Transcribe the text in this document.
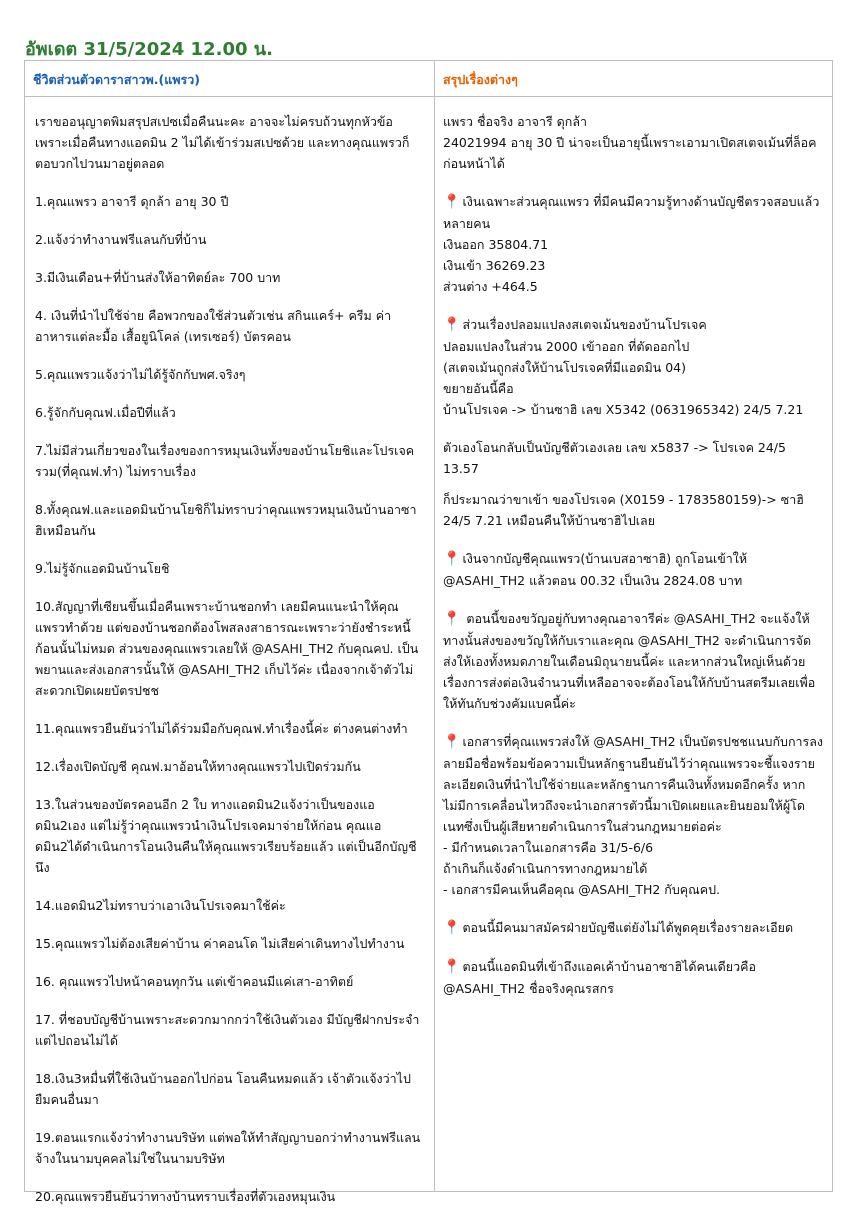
อัพเดต 31/5/2024 12.00 น.
ชีวิตส่วนตัวดาราสาวพ.(แพรว)	สรุปเรื่องต่างๆ
เราขออนุญาตพิมสรุปสเปซเมื่อคืนนะคะ อาจจะไม่ครบถ้วนทุกหัวข้อ เพราะเมื่อคืนทางแอดมิน 2 ไม่ได้เข้าร่วมสเปซด้วย และทางคุณแพรวก็ตอบวกไปวนมาอยู่ตลอด
1.คุณแพรว อาจารี ดุกล้า อายุ 30 ปี
2.แจ้งว่าทำงานฟรีแลนกับที่บ้าน
3.มีเงินเดือน+ที่บ้านส่งให้อาทิตย์ละ 700 บาท
4. เงินที่นำไปใช้จ่าย คือพวกของใช้ส่วนตัวเช่น สกินแคร์+ ครีม ค่าอาหารแต่ละมื้อ เสื้อยูนิโคล่ (เทรเซอร์) บัตรคอน
5.คุณแพรวแจ้งว่าไม่ได้รู้จักกับพศ.จริงๆ
6.รู้จักกับคุณฟ.เมื่อปีที่แล้ว
7.ไม่มีส่วนเกี่ยวของในเรื่องของการหมุนเงินทั้งของบ้านโยชิและโปรเจครวม(ที่คุณฟ.ทำ) ไม่ทราบเรื่อง
8.ทั้งคุณฟ.และแอดมินบ้านโยชิก็ไม่ทราบว่าคุณแพรวหมุนเงินบ้านอาซาฮิเหมือนกัน
9.ไม่รู้จักแอดมินบ้านโยชิ
10.สัญญาที่เซียนขึ้นเมื่อคืนเพราะบ้านชอกทำ เลยมีคนแนะนำให้คุณแพรวทำด้วย แต่ของบ้านชอกต้องโพสลงสาธารณะเพราะว่ายังชำระหนี้ก้อนนั้นไม่หมด ส่วนของคุณแพรวเลยให้ @ASAHI_TH2 กับคุณคป. เป็นพยานและส่งเอกสารนั้นให้ @ASAHI_TH2 เก็บไว้ค่ะ เนื่องจากเจ้าตัวไม่สะดวกเปิดเผยบัตรปชช
11.คุณแพรวยืนยันว่าไม่ได้ร่วมมือกับคุณฟ.ทำเรื่องนี้ค่ะ ต่างคนต่างทำ
12.เรื่องเปิดบัญชี คุณฟ.มาอ้อนให้ทางคุณแพรวไปเปิดร่วมกัน
13.ในส่วนของบัตรคอนอีก 2 ใบ ทางแอดมิน2แจ้งว่าเป็นของแอดมิน2เอง แต่ไม่รู้ว่าคุณแพรวนำเงินโปรเจคมาจ่ายให้ก่อน คุณแอดมิน2ได้ดำเนินการโอนเงินคืนให้คุณแพรวเรียบร้อยแล้ว แต่เป็นอีกบัญชีนึง
14.แอดมิน2ไม่ทราบว่าเอาเงินโปรเจคมาใช้ค่ะ
15.คุณแพรวไม่ต้องเสียค่าบ้าน ค่าคอนโด ไม่เสียค่าเดินทางไปทำงาน
16. คุณแพรวไปหน้าคอนทุกวัน แต่เข้าคอนมีแค่เสา-อาทิตย์
17. ที่ชอบบัญชีบ้านเพราะสะดวกมากกว่าใช้เงินตัวเอง มีบัญชีฝากประจำแต่ไปถอนไม่ได้
18.เงิน3หมื่นที่ใช้เงินบ้านออกไปก่อน โอนคืนหมดแล้ว เจ้าตัวแจ้งว่าไปยืมคนอื่นมา
19.ตอนแรกแจ้งว่าทำงานบริษัท แต่พอให้ทำสัญญาบอกว่าทำงานฟรีแลน จ้างในนามบุคคลไม่ใช่ในนามบริษัท
20.คุณแพรวยืนยันว่าทางบ้านทราบเรื่องที่ตัวเองหมุนเงิน
แพรว ชื่อจริง อาจารี ดุกล้า
24021994 อายุ 30 ปี น่าจะเป็นอายุนี้เพราะเอามาเปิดสเตจเม้นที่ล็อคก่อนหน้าได้
📍 เงินเฉพาะส่วนคุณแพรว ที่มีคนมีความรู้ทางด้านบัญชีตรวจสอบแล้วหลายคน
เงินออก 35804.71
เงินเข้า 36269.23
ส่วนต่าง +464.5
📍 ส่วนเรื่องปลอมแปลงสเตจเม้นของบ้านโปรเจค
ปลอมแปลงในส่วน 2000 เข้าออก ที่ตัดออกไป
(สเตจเม้นถูกส่งให้บ้านโปรเจคที่มีแอดมิน 04)
ขยายอันนี้คือ
บ้านโปรเจค -> บ้านซาฮิ เลข X5342 (0631965342) 24/5 7.21
ตัวเองโอนกลับเป็นบัญชีตัวเองเลย เลข x5837 -> โปรเจค 24/5 13.57
ก็ประมาณว่าขาเข้า ของโปรเจค (X0159 - 1783580159)-> ซาฮิ 24/5 7.21 เหมือนคืนให้บ้านซาฮิไปเลย
📍 เงินจากบัญชีคุณแพรว(บ้านเบสอาซาฮิ) ถูกโอนเข้าให้ @ASAHI_TH2 แล้วตอน 00.32 เป็นเงิน 2824.08 บาท
📍 ตอนนี้ของขวัญอยู่กับทางคุณอาจารีค่ะ @ASAHI_TH2 จะแจ้งให้ทางนั้นส่งของขวัญให้กับเราและคุณ @ASAHI_TH2 จะดำเนินการจัดส่งให้เองทั้งหมดภายในเดือนมิถุนายนนี้ค่ะ และหากส่วนใหญ่เห็นด้วยเรื่องการส่งต่อเงินจำนวนที่เหลืออาจจะต้องโอนให้กับบ้านสตรีมเลยเพื่อให้ทันกับช่วงคัมแบคนี้ค่ะ
📍 เอกสารที่คุณแพรวส่งให้ @ASAHI_TH2 เป็นบัตรปชชแนบกับการลงลายมือชื่อพร้อมข้อความเป็นหลักฐานยืนยันไว้ว่าคุณแพรวจะชี้แจงรายละเอียดเงินที่นำไปใช้จ่ายและหลักฐานการคืนเงินทั้งหมดอีกครั้ง หากไม่มีการเคลื่อนไหวถึงจะนำเอกสารตัวนี้มาเปิดเผยและยินยอมให้ผู้โดเนทซึ่งเป็นผู้เสียหายดำเนินการในส่วนกฎหมายต่อค่ะ
- มีกำหนดเวลาในเอกสารคือ 31/5-6/6
ถ้าเกินก็แจ้งดำเนินการทางกฎหมายได้
- เอกสารมีคนเห็นคือคุณ @ASAHI_TH2 กับคุณคป.
📍 ตอนนี้มีคนมาสมัครฝ่ายบัญชีแต่ยังไม่ได้พูดคุยเรื่องรายละเอียด
📍 ตอนนี้แอดมินที่เข้าถึงแอคเค้าบ้านอาซาฮิได้คนเดียวคือ @ASAHI_TH2 ชื่อจริงคุณรสกร
